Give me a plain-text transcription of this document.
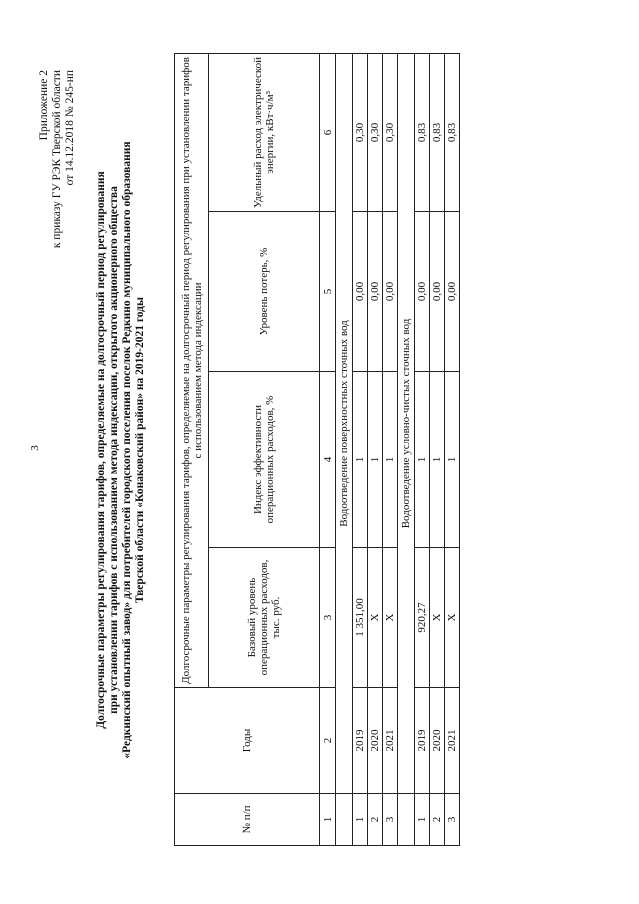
3
Приложение 2 к приказу ГУ РЭК Тверской области от 14.12.2018 № 245-нп
Долгосрочные параметры регулирования тарифов, определяемые на долгосрочный период регулирования при установлении тарифов с использованием метода индексации, открытого акционерного общества «Редкинский опытный завод» для потребителей городского поселения поселок Редкино муниципального образования Тверской области «Конаковский район» на 2019-2021 годы
№ п/п	Годы	Долгосрочные параметры регулирования тарифов, определяемые на долгосрочный период регулирования при установлении тарифов с использованием метода индексации			
		Базовый уровень операционных расходов, тыс. руб.	Индекс эффективности операционных расходов, %	Уровень потерь, %	Удельный расход электрической энергии, кВт·ч/м³
1	2	3	4	5	6
	Водоотведение поверхностных сточных вод				
1	2019	1 351,00	1	0,00	0,30
2	2020	Х	1	0,00	0,30
3	2021	Х	1	0,00	0,30
	Водоотведение условно-чистых сточных вод				
1	2019	920,27	1	0,00	0,83
2	2020	Х	1	0,00	0,83
3	2021	Х	1	0,00	0,83
